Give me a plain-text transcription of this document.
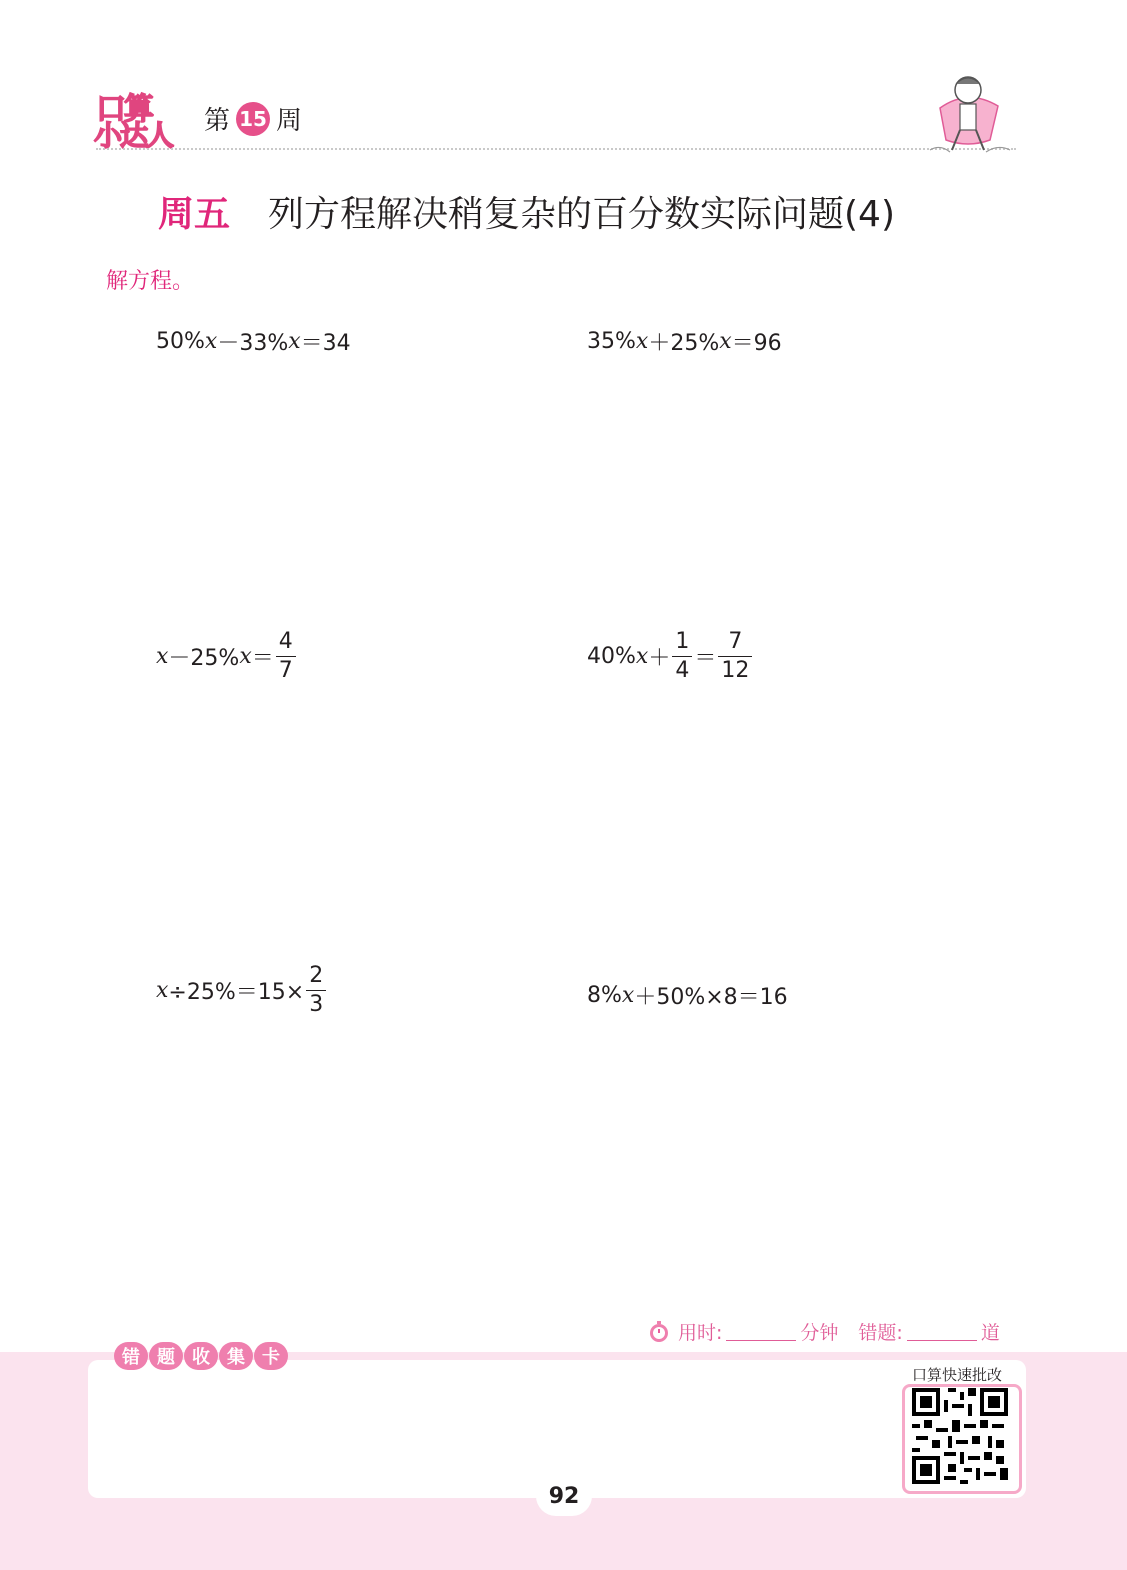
口算
小达人 第 15 周
周五 列方程解决稍复杂的百分数实际问题(4)
解方程。
50% x －33% x ＝34	35% x ＋25% x ＝96
x －25% $x = \frac{4}{7}$	40% $x + \frac{1}{4} = \frac{7}{12}$
$x \div 25\%=15\times \frac{2}{3}$	8% x ＋50%×8＝16
用时:	分钟 错题:	道
错 题 收 集 卡
口算快速批改
92
